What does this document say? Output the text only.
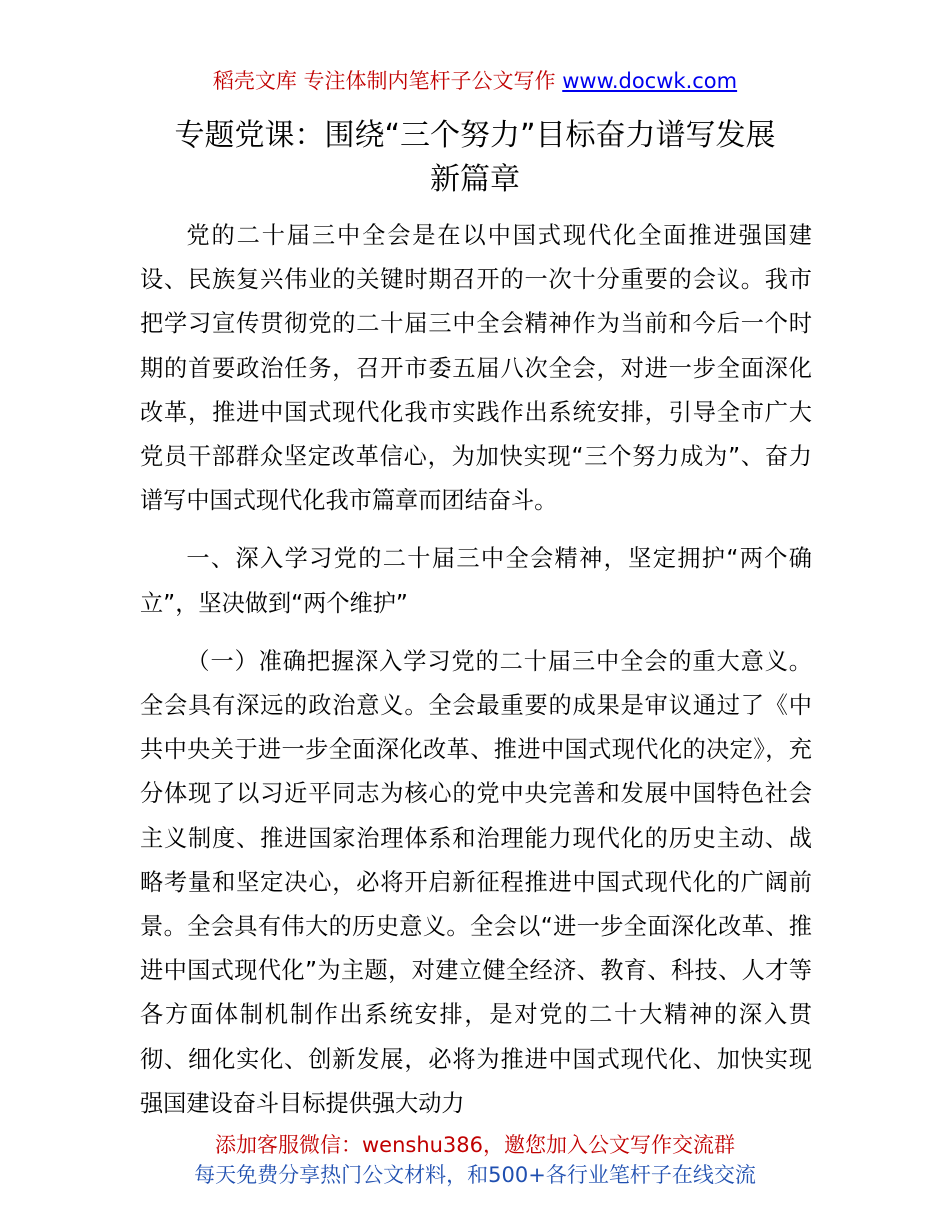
稻壳文库 专注体制内笔杆子公文写作 www.docwk.com
专题党课：围绕“三个努力”目标奋力谱写发展
新篇章

党的二十届三中全会是在以中国式现代化全面推进强国建设、民族复兴伟业的关键时期召开的一次十分重要的会议。我市把学习宣传贯彻党的二十届三中全会精神作为当前和今后一个时期的首要政治任务，召开市委五届八次全会，对进一步全面深化改革，推进中国式现代化我市实践作出系统安排，引导全市广大党员干部群众坚定改革信心，为加快实现“三个努力成为”、奋力谱写中国式现代化我市篇章而团结奋斗。

一、深入学习党的二十届三中全会精神，坚定拥护“两个确立”，坚决做到“两个维护”

（一）准确把握深入学习党的二十届三中全会的重大意义。全会具有深远的政治意义。全会最重要的成果是审议通过了《中共中央关于进一步全面深化改革、推进中国式现代化的决定》，充分体现了以习近平同志为核心的党中央完善和发展中国特色社会主义制度、推进国家治理体系和治理能力现代化的历史主动、战略考量和坚定决心，必将开启新征程推进中国式现代化的广阔前景。全会具有伟大的历史意义。全会以“进一步全面深化改革、推进中国式现代化”为主题，对建立健全经济、教育、科技、人才等各方面体制机制作出系统安排，是对党的二十大精神的深入贯彻、细化实化、创新发展，必将为推进中国式现代化、加快实现强国建设奋斗目标提供强大动力

添加客服微信：wenshu386，邀您加入公文写作交流群
每天免费分享热门公文材料，和500+各行业笔杆子在线交流
